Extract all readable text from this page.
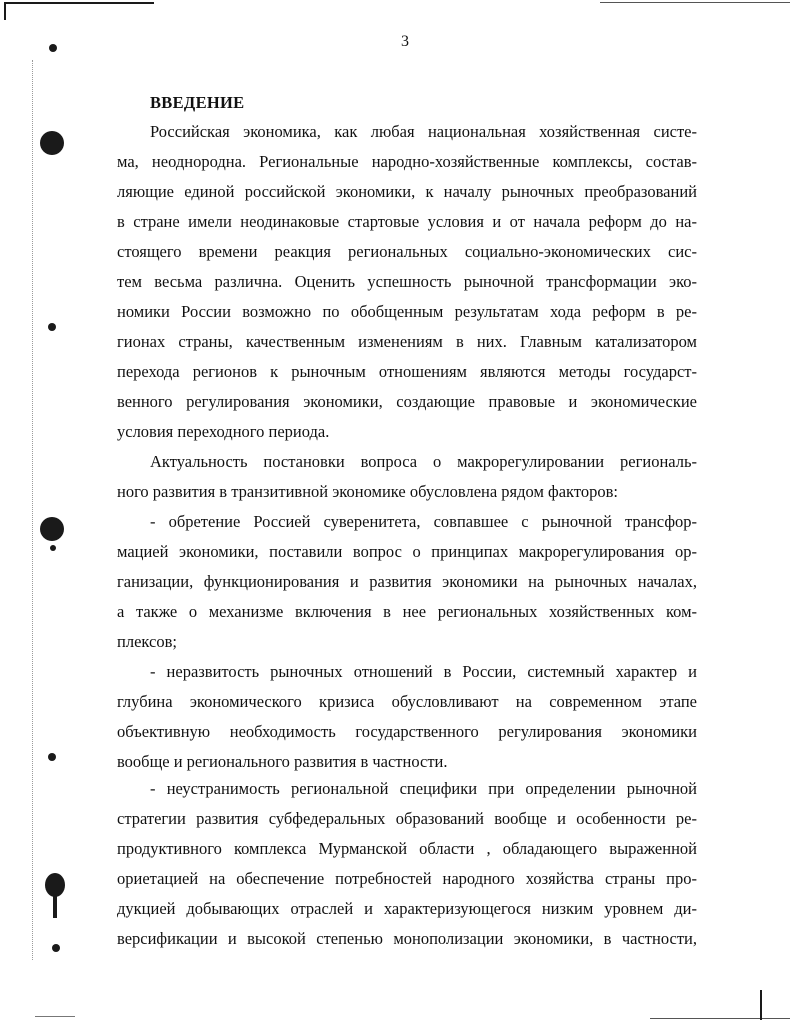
3
ВВЕДЕНИЕ
Российская экономика, как любая национальная хозяйственная систе-
ма, неоднородна. Региональные народно-хозяйственные комплексы, состав-
ляющие единой российской экономики, к началу рыночных преобразований
в стране имели неодинаковые стартовые условия и от начала реформ до на-
стоящего времени реакция региональных социально-экономических сис-
тем весьма различна. Оценить успешность рыночной трансформации эко-
номики России возможно по обобщенным результатам хода реформ в ре-
гионах страны, качественным изменениям в них. Главным катализатором
перехода регионов к рыночным отношениям являются методы государст-
венного регулирования экономики, создающие правовые и экономические
условия переходного периода.
Актуальность постановки вопроса о макрорегулировании региональ-
ного развития в транзитивной экономике обусловлена рядом факторов:
- обретение Россией суверенитета, совпавшее с рыночной трансфор-
мацией экономики, поставили вопрос о принципах макрорегулирования ор-
ганизации, функционирования и развития экономики на рыночных началах,
а также о механизме включения в нее региональных хозяйственных ком-
плексов;
- неразвитость рыночных отношений в России, системный характер и
глубина экономического кризиса обусловливают на современном этапе
объективную необходимость государственного регулирования экономики
вообще и регионального развития в частности.
- неустранимость региональной специфики при определении рыночной
стратегии развития субфедеральных образований вообще и особенности ре-
продуктивного комплекса Мурманской области , обладающего выраженной
ориетацией на обеспечение потребностей народного хозяйства страны про-
дукцией добывающих отраслей и характеризующегося низким уровнем ди-
версификации и высокой степенью монополизации экономики, в частности,
